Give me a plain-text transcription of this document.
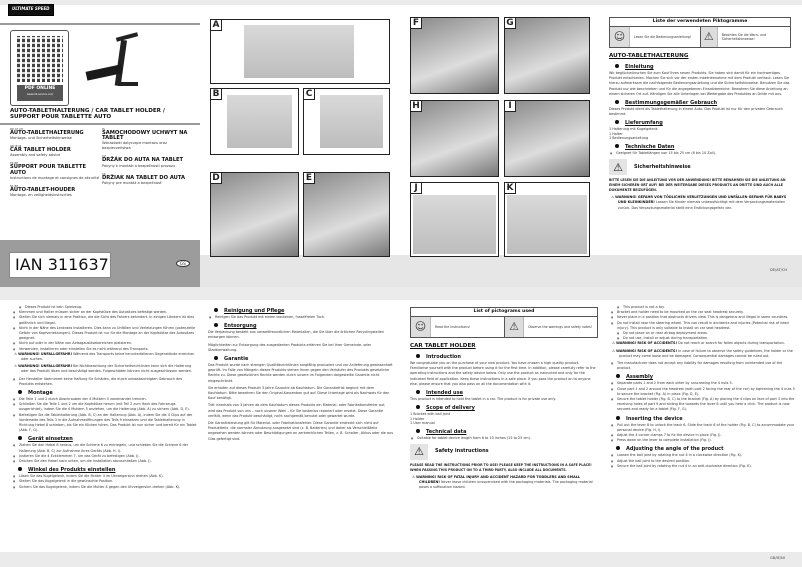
ULTIMATE SPEED
PDF ONLINE
www.lidl-service.com
AUTO-TABLETHALTERUNG / CAR TABLET HOLDER /
SUPPORT POUR TABLETTE AUTO
DE AT CH
AUTO-TABLETHALTERUNG
Montage- und Sicherheitshinweise
GB IE NI
CAR TABLET HOLDER
Assembly and safety advice
FR BE
SUPPORT POUR TABLETTE AUTO
Instructions de montage et consignes de sécurité
NL BE
AUTO-TABLET-HOUDER
Montage- en veiligheidsinstructies
PL
SAMOCHODOWY UCHWYT NA TABLET
Wskazówki dotyczące montażu oraz bezpieczeństwa
CZ
DRŽÁK DO AUTA NA TABLET
Pokyny k montáži a bezpečnosti provozu
SK
DRŽIAK NA TABLET DO AUTA
Pokyny pre montáž a bezpečnosť
IAN 311637	GS
A
B	C
D	E
F	G
H	I
J	K
Liste der verwendeten Piktogramme
☺	Lesen Sie die Bedienungsanleitung!	⚠	Beachten Sie die Warn- und Sicherheitshinweise!
AUTO-TABLETHALTERUNG
Einleitung

Wir beglückwünschen Sie zum Kauf Ihres neuen Produkts. Sie haben sich damit für ein hochwertiges Produkt entschieden. Machen Sie sich vor der ersten Inbetriebnahme mit dem Produkt vertraut. Lesen Sie hierzu aufmerksam die nachfolgende Bedienungsanleitung und die Sicherheitshinweise. Benutzen Sie das Produkt nur wie beschrieben und für die angegebenen Einsatzbereiche. Bewahren Sie diese Anleitung an einem sicheren Ort auf. Händigen Sie alle Unterlagen bei Weitergabe des Produktes an Dritte mit aus.

Bestimmungsgemäßer Gebrauch

Dieses Produkt dient als Tablethalterung in einem Auto. Das Produkt ist nur für den privaten Gebrauch bestimmt.

Lieferumfang
1 Halterung mit Kugelgelenk
1 Halter
1 Bedienungsanleitung
Technische Daten
■ Geeignet für Tabletlängen von 15 bis 25 cm (6 bis 10 Zoll).
⚠	Sicherheitshinweise

BITTE LESEN SIE DIE ANLEITUNG VOR DER ANWENDUNG! BITTE BEWAHREN SIE DIE ANLEITUNG AN EINEM SICHEREN ORT AUF! BEI DER WEITERGABE DIESES PRODUKTS AN DRITTE SIND AUCH ALLE DOKUMENTE BEIZUFÜGEN.

⚠ WARNUNG! GEFAHR VON TÖDLICHEN VERLETZUNGEN UND UNFÄLLEN GEFAHR FÜR BABYS UND KLEINKINDER! Lassen Sie Kinder niemals unbeaufsichtigt mit dem Verpackungsmaterialien zurück. Das Verpackungsmaterial stellt eine Erstickungsgefahr dar.

DE/AT/CH
■ Dieses Produkt ist kein Spielzeug.
■ Klemmen und Halter müssen sicher an der Kopfstütze des Autositzes befestigt werden.
■ Stellen Sie sich niemals in eine Position, die die Sicht des Fahrers behindert. In einigen Ländern ist dies gefährlich und illegal.
■ Nicht in der Nähe des Lenkrads installieren. Dies kann zu Unfällen und Verletzungen führen (potenzielle Gefahr von Kopfverletzungen). Dieses Produkt ist nur für die Montage an der Kopfstütze des Autositzes geeignet.
■ Nicht auf oder in der Nähe von Airbagauslösebereichen platzieren.
■ Verwenden, installieren oder einstellen Sie es nicht während des Transports.

⚠ WARNUNG! UNFALLGEFAHR! Während des Transports keine herunterfallenen Gegenstände erreichen oder suchen.

⚠ WARNUNG! UNFALLGEFAHR! Bei Nichtbeachtung der Sicherheitsrichtlinien kann sich die Halterung oder das Produkt lösen und beschädigt werden. Folgeschäden können nicht ausgeschlossen werden.

■ Der Hersteller übernimmt keine Haftung für Schäden, die durch unbeabsichtigten Gebrauch des Produkts entstehen.
Montage
■ Die Teile 1 und 2 durch Abschrauben der 4 Muttern 5 voneinander trennen.
■ Schließen Sie die Teile 1 und 2 um die Kopfstütze herum (mit Teil 2 zum Heck des Fahrzeugs ausgerichtet), indem Sie die 4 Muttern 5 anziehen, um die Halterung (Abb. A) zu sichern (Abb. D, E).
■ Befestigen Sie die Tablethalterung (Abb. B, C) an der Halterung (Abb. A), indem Sie die 4 Clips auf der Vorderseite des Teils 3 in die Aufnahmeöffnungen des Teils 9 einsetzen und die Tablethalterung in Richtung Hebel 8 schieben, bis Sie ein Klicken hören. Das Produkt ist nun sicher und bereit für ein Tablet (Abb. F, G).
Gerät einsetzen
■ Ziehen Sie den Hebel 8 heraus, um die Schiene 6 zu entriegeln, und schieben Sie die Schiene 6 der Halterung (Abb. B, C) zur Aufnahme Ihres Geräts (Abb. H, I).
■ Justieren Sie die 4 Eckklemmen 7, um das Gerät zu befestigen (Abb. J).
■ Drücken Sie den Hebel nach unten, um die Installation abzuschließen (Abb. J).
Winkel des Produkts einstellen
■ Lösen Sie das Kugelgelenk, indem Sie die Mutter 4 im Uhrzeigersinn drehen (Abb. K).
■ Stellen Sie das Kugelgelenk in die gewünschte Position.
■ Sichern Sie das Kugelgelenk, indem Sie die Mutter 4 gegen den Uhrzeigersinn drehen (Abb. K).
Reinigung und Pflege
■ Reinigen Sie das Produkt mit einem trockenen, fusselfreien Tuch.
Entsorgung

Die Verpackung besteht aus umweltfreundlichen Materialien, die Sie über die örtlichen Recyclingstellen entsorgen können.

Möglichkeiten zur Entsorgung des ausgedienten Produkts erfahren Sie bei Ihrer Gemeinde- oder Stadtverwaltung.

Garantie

Das Produkt wurde nach strengen Qualitätsrichtlinien sorgfältig produziert und vor Anlieferung gewissenhaft geprüft. Im Falle von Mängeln dieses Produkts stehen Ihnen gegen den Verkäufer des Produkts gesetzliche Rechte zu. Diese gesetzlichen Rechte werden durch unsere im Folgenden dargestellte Garantie nicht eingeschränkt.

Sie erhalten auf dieses Produkt 3 Jahre Garantie ab Kaufdatum. Die Garantiefrist beginnt mit dem Kaufdatum. Bitte bewahren Sie den Original-Kassenbon gut auf. Diese Unterlage wird als Nachweis für den Kauf benötigt.

Tritt innerhalb von 3 Jahren ab dem Kaufdatum dieses Produkts ein Material- oder Fabrikationsfehler auf, wird das Produkt von uns – nach unserer Wahl – für Sie kostenlos repariert oder ersetzt. Diese Garantie verfällt, wenn das Produkt beschädigt, nicht sachgemäß benutzt oder gewartet wurde.

Die Garantieleistung gilt für Material- oder Fabrikationsfehler. Diese Garantie erstreckt sich nicht auf Produktteile, die normaler Abnutzung ausgesetzt sind (z. B. Batterien) und daher als Verschleißteile angesehen werden können oder Beschädigungen an zerbrechlichen Teilen, z. B. Schalter, Akkus oder die aus Glas gefertigt sind.

List of pictograms used
☺	Read the instructions!	⚠	Observe the warnings and safety notes!
CAR TABLET HOLDER
Introduction

We congratulate you on the purchase of your new product. You have chosen a high quality product. Familiarise yourself with the product before using it for the first time. In addition, please carefully refer to the operating instructions and the safety advice below. Only use the product as instructed and only for the indicated field of application. Keep these instructions in a safe place. If you pass the product on to anyone else, please ensure that you also pass on all the documentation with it.

Intended use

This product is intended to hold the tablet in a car. The product is for private use only.

Scope of delivery
1 Bracket with ball joint
1 Holder
1 User manual
Technical data
■ Suitable for tablet device length from 6 to 10 inches (15 to 25 cm).
⚠	Safety instructions

PLEASE READ THE INSTRUCTIONS PRIOR TO USE! PLEASE KEEP THE INSTRUCTIONS IN A SAFE PLACE! WHEN PASSING THIS PRODUCT ON TO A THIRD PARTY, ALSO INCLUDE ALL DOCUMENTS.

⚠ WARNING! RISK OF FATAL INJURY AND ACCIDENT HAZARD FOR TODDLERS AND SMALL CHILDREN! Never leave children unsupervised with the packaging materials. The packaging material poses a suffocation hazard.

■ This product is not a toy.
■ Bracket and holder need to be mounted on the car seat headrest securely.
■ Never place in a position that obstructs drivers view. This is dangerous and illegal in some countries.
■ Do not install near the steering wheel. This can result in accidents and injuries (Potential risk of head injury). This product is only suitable to install on car seat headrest.
■ Do not place on or near airbag deployment areas.
■ Do not use, install or adjust during transportation.

⚠ WARNING! RISK OF ACCIDENTS! Do not reach or search for fallen objects during transportation.

⚠ WARNING! RISK OF ACCIDENTS! In case of failure to observe the safety guidelines, the holder or the product may come loose and be damaged. Consequential damages cannot be ruled out.

■ The manufacturer does not accept any liability for damages resulting from unintended use of the product.
Assembly
■ Separate parts 1 and 2 from each other by unscrewing the 4 nuts 5.
■ Close part 1 and 2 around the headrest (with part 2 facing the rear of the car) by tightening the 4 nuts 5 to secure the bracket (Fig. A) in place (Fig. D, E).
■ Secure the tablet holder (Fig. B, C) to the bracket (Fig. A) by placing the 4 clips on face of part 3 into the receiving holes of part 9 and sliding the towards the lever 8 until you hear a click. The product is now secured and ready for a tablet (Fig. F, G).
Inserting the device
■ Pull out the lever 8 to unlock the track 6. Slide the track 6 of the holder (Fig. B, C) to accommodate your personal device (Fig. H, I).
■ Adjust the 4 corner clamps 7 to fix the device in place (Fig. J).
■ Press down on the lever to complete installation (Fig. J).
Adjusting the angle of the product
■ Loosen the ball joint by rotating the nut 4 in a clockwise direction (Fig. K).
■ Adjust the ball joint to the desired position.
■ Secure the ball joint by rotating the nut 4 in an anti-clockwise direction (Fig. K).
GB/IE/NI
